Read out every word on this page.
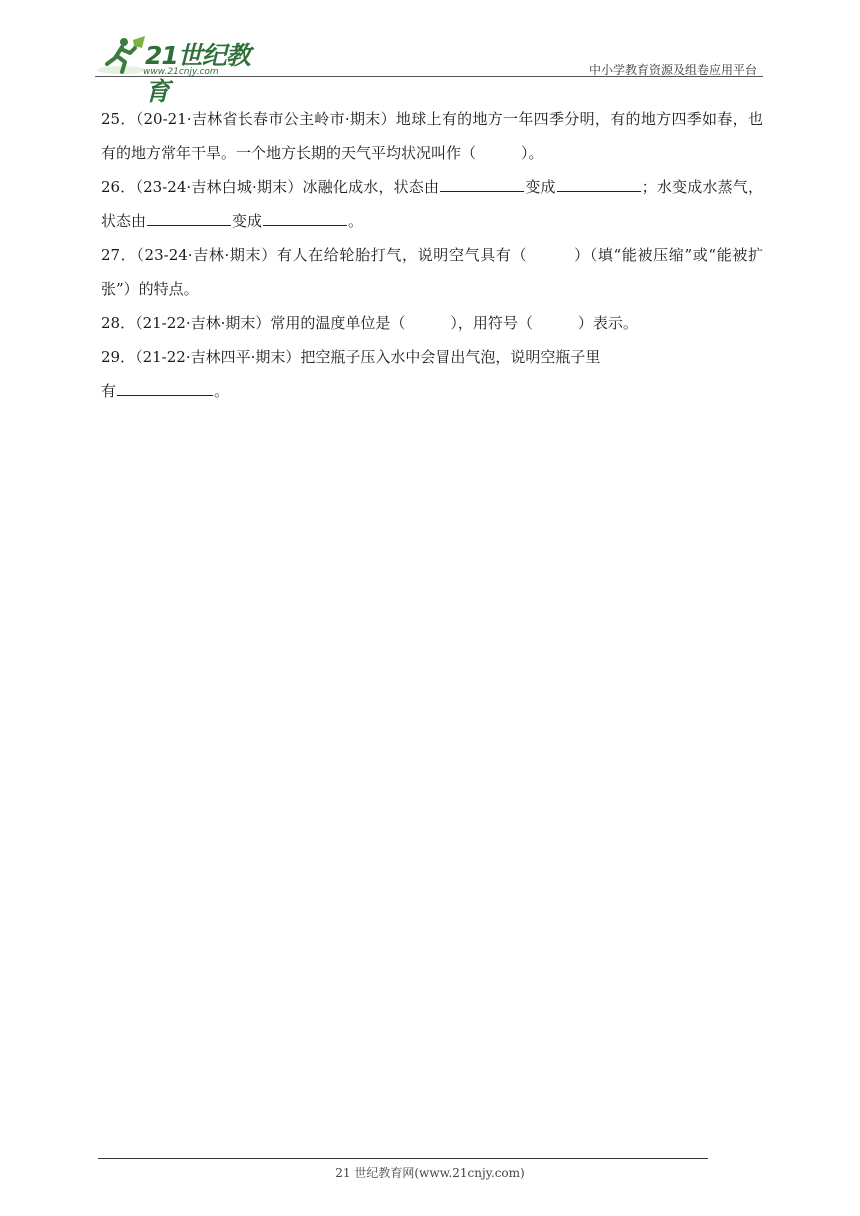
21世纪教育
www.21cnjy.com	中小学教育资源及组卷应用平台

25．（20-21·吉林省长春市公主岭市·期末）地球上有的地方一年四季分明，有的地方四季如春，也有的地方常年干旱。一个地方长期的天气平均状况叫作（　　　）。

26．（23-24·吉林白城·期末）冰融化成水，状态由	变成	；水变成水蒸气，状态由	变成	。

27．（23-24·吉林·期末）有人在给轮胎打气，说明空气具有（　　　）（填“能被压缩”或“能被扩张”）的特点。

28．（21-22·吉林·期末）常用的温度单位是（　　　），用符号（　　　）表示。

29．（21-22·吉林四平·期末）把空瓶子压入水中会冒出气泡，说明空瓶子里
有	。

21 世纪教育网(www.21cnjy.com)
